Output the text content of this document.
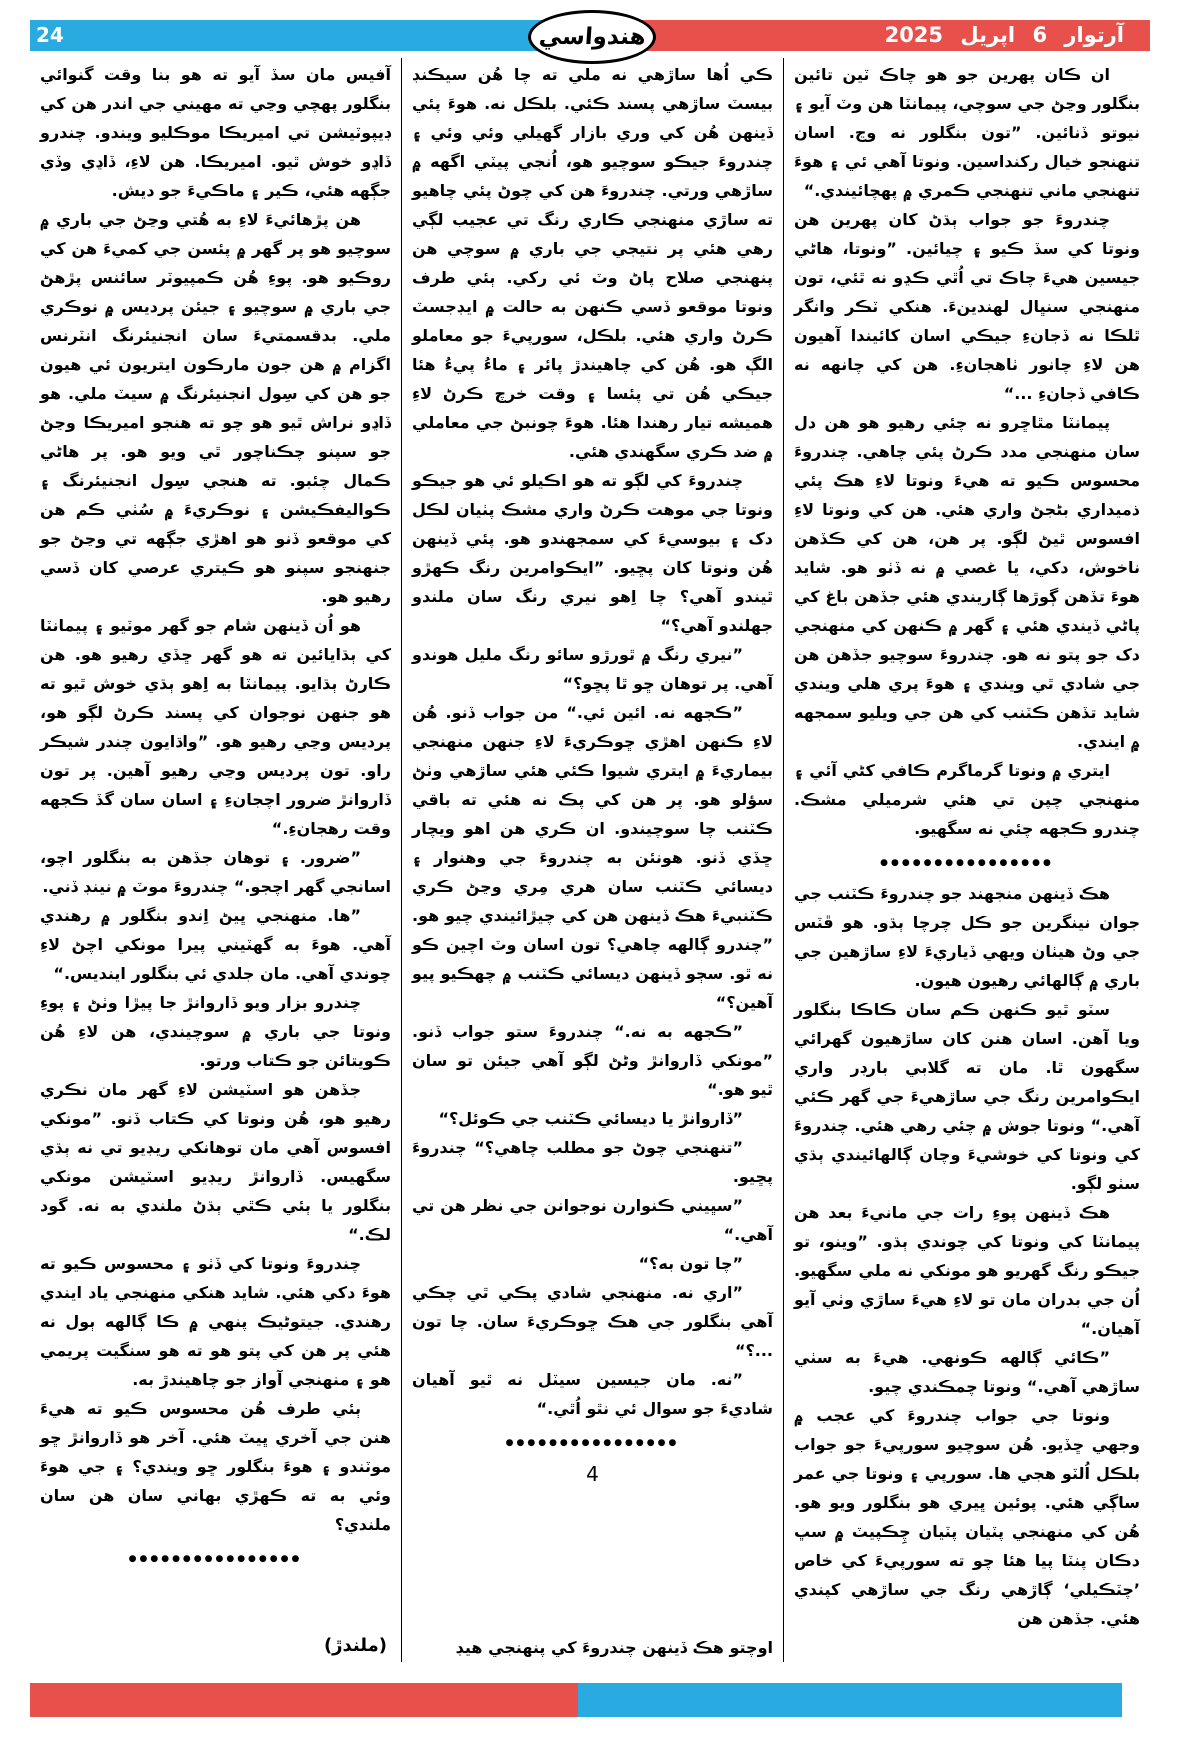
24	آرتوار 6 اپريل 2025
هندواسي
ان ڪان پهرين جو هو چاڪ ٽين تائين بنگلور وڃڻ جي سوچي، پيمانٽا هن وٽ آيو ۽ نيوتو ڏنائين. ”تون بنگلور نه وڃ. اسان تنهنجو خيال رکنداسين. ونوتا آهي ئي ۽ هوءَ تنهنجي ماني تنهنجي ڪمري ۾ پهچائيندي.“
چندروءَ جو جواب ٻڌڻ کان پهرين هن ونوتا کي سڏ ڪيو ۽ چيائين. ”ونوتا، هاڻي جيسين هيءَ چاڪ تي اُٿي ڪڍو نه ٿئي، تون منهنجي سنڀال لهندينءَ. هنکي ٽڪر وانگر ٿلڪا نه ڏجانءِ جيڪي اسان کائيندا آهيون هن لاءِ چانور ٺاهجانءِ. هن کي چانهه نه ڪافي ڏجانءِ ...“
پيمانٽا مٿاڇرو نه چئي رهيو هو هن دل سان منهنجي مدد ڪرڻ پئي چاهي. چندروءَ محسوس ڪيو ته هيءَ ونوتا لاءِ هڪ پئي ذميداري بڻجڻ واري هئي. هن کي ونوتا لاءِ افسوس ٿيڻ لڳو. پر هن، هن کي ڪڏهن ناخوش، دکي، يا غصي ۾ نه ڏٺو هو. شايد هوءَ تڏهن ڳوڙها ڳاريندي هئي جڏهن باغ کي پاڻي ڏيندي هئي ۽ گهر ۾ ڪنهن کي منهنجي دک جو پتو نه هو. چندروءَ سوچيو جڏهن هن جي شادي ٿي ويندي ۽ هوءَ پري هلي ويندي شايد تڏهن ڪٽنب کي هن جي ويليو سمجهه ۾ ايندي.
ايتري ۾ ونوتا گرماگرم ڪافي کڻي آئي ۽ منهنجي چپن تي هئي شرميلي مشڪ. چندرو ڪجهه چئي نه سگهيو.
●●●●●●●●●●●●●●●●
هڪ ڏينهن منجهند جو چندروءَ ڪٽنب جي جوان نينگرين جو ڪل چرچا ٻڌو. هو ڦٽس جي وڻ هيٺان ويهي ڏياريءَ لاءِ ساڙهين جي باري ۾ ڳالهائي رهيون هيون.
سٽو ٿيو ڪنهن ڪم سان ڪاڪا بنگلور ويا آهن. اسان هنن کان ساڙهيون گهرائي سگهون ٿا. مان ته گلابي بارڊر واري ايڪوامرين رنگ جي ساڙهيءَ جي گهر ڪئي آهي.“ ونوتا جوش ۾ چئي رهي هئي. چندروءَ کي ونوتا کي خوشيءَ وچان ڳالهائيندي ٻڌي سٺو لڳو.
هڪ ڏينهن پوءِ رات جي مانيءَ بعد هن پيمانٽا کي ونوتا کي چوندي ٻڌو. ”وينو، تو جيڪو رنگ گهريو هو مونکي نه ملي سگهيو. اُن جي بدران مان تو لاءِ هيءَ ساڙي وٺي آيو آهيان.“
”ڪائي ڳالهه ڪونهي. هيءَ به سٺي ساڙهي آهي.“ ونوتا چمڪندي چيو.
ونوتا جي جواب چندروءَ کي عجب ۾ وجهي ڇڏيو. هُن سوچيو سورپيءَ جو جواب بلڪل اُلٽو هجي ها. سورپي ۽ ونوتا جي عمر ساڳي هئي. پوئين ڀيري هو بنگلور ويو هو. هُن کي منهنجي پٽيان پٽيان چِڪپيٽ ۾ سڀ دڪان پنٽا پيا هئا چو ته سورپيءَ کي خاص ’چٽڪيلي‘ ڳاڙهي رنگ جي ساڙهي کپندي هئي. جڏهن هن
ڪي اُها ساڙهي نه ملي ته چا هُن سيڪنڊ بيسٽ ساڙهي پسند ڪئي. بلڪل نه. هوءَ پئي ڏينهن هُن کي وري بازار گهيلي وئي وئي ۽ چندروءَ جيڪو سوچيو هو، اُنجي پيٽي اگهه ۾ ساڙهي ورتي. چندروءَ هن کي چوڻ پئي چاهيو ته ساڙي منهنجي ڪاري رنگ تي عجيب لڳي رهي هئي پر نتيجي جي باري ۾ سوچي هن پنهنجي صلاح پاڻ وٽ ئي رکي. ٻئي طرف ونوتا موقعو ڏسي ڪنهن به حالت ۾ ايڊجسٽ ڪرڻ واري هئي. بلڪل، سورپيءَ جو معاملو الڳ هو. هُن کي چاهيندڙ پائر ۽ ماءُ پيءُ هئا جيڪي هُن تي پئسا ۽ وقت خرچ ڪرڻ لاءِ هميشه تيار رهندا هئا. هوءَ چونبڻ جي معاملي ۾ ضد ڪري سگهندي هئي.
چندروءَ کي لڳو ته هو اڪيلو ئي هو جيڪو ونوتا جي موهت ڪرڻ واري مشڪ پٺيان لڪل دک ۽ بيوسيءَ کي سمجهندو هو. پئي ڏينهن هُن ونوتا کان پڇيو. ”ايڪوامرين رنگ ڪهڙو ٿيندو آهي؟ چا اِهو نيري رنگ سان ملندو جهلندو آهي؟“
”نيري رنگ ۾ ٿورڙو سائو رنگ مليل هوندو آهي. پر توهان ڇو ٿا پڇو؟“
”ڪجهه نه. ائين ئي.“ من جواب ڏنو. هُن لاءِ ڪنهن اهڙي ڇوڪريءَ لاءِ جنهن منهنجي بيماريءَ ۾ ايتري شيوا ڪئي هئي ساڙهي وٺڻ سؤلو هو. پر هن کي پڪ نه هئي ته باقي ڪٽنب چا سوچيندو. ان ڪري هن اهو ويچار ڇڏي ڏنو. هونئن به چندروءَ جي وهنوار ۽ ديسائي ڪٽنب سان هري مِري وڃڻ ڪري ڪٽنبيءَ هڪ ڏينهن هن کي چيڙائيندي چيو هو. ”چندرو ڳالهه چاهي؟ تون اسان وٽ اچين ڪو نه ٿو. سڄو ڏينهن ديسائي ڪٽنب ۾ چهڪيو پيو آهين؟“
”ڪجهه به نه.“ چندروءَ ستو جواب ڏنو. ”مونکي ڏاروانڙ وڻڻ لڳو آهي جيئن تو سان ٿيو هو.“
”ڏاروانڙ يا ديسائي ڪٽنب جي ڪوئل؟“
”تنهنجي چوڻ جو مطلب چاهي؟“ چندروءَ پڇيو.
”سڀيني ڪنوارن نوجوانن جي نظر هن تي آهي.“
”چا تون به؟“
”اري نه. منهنجي شادي پڪي ٿي چڪي آهي بنگلور جي هڪ ڇوڪريءَ سان. چا تون ...؟“
”نه. مان جيسين سيٽل نه ٿيو آهيان شاديءَ جو سوال ئي نٿو اُٿي.“
●●●●●●●●●●●●●●●●
4
اوچتو هڪ ڏينهن چندروءَ کي پنهنجي هيڊ
آفيس مان سڏ آيو ته هو بنا وقت گنوائي بنگلور پهچي وڃي ته مهيني جي اندر هن کي ڊيپوٽيشن تي اميريڪا موڪليو ويندو. چندرو ڏاڍو خوش ٿيو. اميريڪا. هن لاءِ، ڏاڍي وڏي جڳهه هئي، ڪير ۽ ماڪيءَ جو ديش.
هن پڙهائيءَ لاءِ به هُتي وڃڻ جي باري ۾ سوچيو هو پر گهر ۾ پئسن جي کميءَ هن کي روڪيو هو. پوءِ هُن ڪمپيوٽر سائنس پڙهڻ جي باري ۾ سوچيو ۽ جيئن پرديس ۾ نوڪري ملي. بدقسمتيءَ سان انجنيئرنگ انٽرنس اگزام ۾ هن جون مارڪون ايتريون ئي هيون جو هن کي سِول انجنيئرنگ ۾ سيٽ ملي. هو ڏاڍو نراش ٿيو هو چو ته هنجو اميريڪا وڃڻ جو سپنو چڪناچور ٿي ويو هو. پر هاڻي ڪمال چئبو. ته هنجي سِول انجنيئرنگ ۽ ڪواليفڪيشن ۽ نوڪريءَ ۾ سُٺي ڪم هن کي موقعو ڏنو هو اهڙي جڳهه تي وڃڻ جو جنهنجو سپنو هو ڪيتري عرصي کان ڏسي رهيو هو.
هو اُن ڏينهن شام جو گهر موٽيو ۽ پيمانٽا کي ٻڌايائين ته هو گهر ڇڏي رهيو هو. هن ڪارڻ ٻڌايو. پيمانٽا به اِهو ٻڌي خوش ٿيو ته هو جنهن نوجوان کي پسند ڪرڻ لڳو هو، پرديس وڃي رهيو هو. ”واڌايون چندر شيڪر راو. تون پرديس وڃي رهيو آهين. پر تون ڏاروانڙ ضرور اچجانءِ ۽ اسان سان گڏ ڪجهه وقت رهجانءِ.“
”ضرور. ۽ توهان جڏهن به بنگلور اچو، اسانجي گهر اچجو.“ چندروءَ موٽ ۾ نينڊ ڏني.
”ها. منهنجي ڀيڻ اِندو بنگلور ۾ رهندي آهي. هوءَ به گهٽيني پيرا مونکي اچڻ لاءِ چوندي آهي. مان جلدي ئي بنگلور اينديس.“
چندرو بزار ويو ڏاروانڙ جا پيڙا وٺڻ ۽ پوءِ ونوتا جي باري ۾ سوچيندي، هن لاءِ هُن ڪويتائن جو ڪتاب ورتو.
جڏهن هو اسٽيشن لاءِ گهر مان نڪري رهيو هو، هُن ونوتا کي ڪتاب ڏنو. ”مونکي افسوس آهي مان توهانکي ريڊيو تي نه ٻڌي سگهيس. ڏاروانڙ ريڊيو اسٽيشن مونکي بنگلور يا ٻئي ڪٿي ٻڌڻ ملندي به نه. گود لڪ.“
چندروءَ ونوتا کي ڏٺو ۽ محسوس ڪيو ته هوءَ دکي هئي. شايد هنکي منهنجي ياد ايندي رهندي. جيتوڻيڪ پنهي ۾ ڪا ڳالهه ٻول نه هئي پر هن کي پتو هو ته هو سنگيت پريمي هو ۽ منهنجي آواز جو چاهيندڙ به.
ٻئي طرف هُن محسوس ڪيو ته هيءَ هنن جي آخري ڀيٽ هئي. آخر هو ڏاروانڙ ڇو موٽندو ۽ هوءَ بنگلور ڇو ويندي؟ ۽ جي هوءَ وئي به ته ڪهڙي بهاني سان هن سان ملندي؟
●●●●●●●●●●●●●●●●
(ملندڙ)
